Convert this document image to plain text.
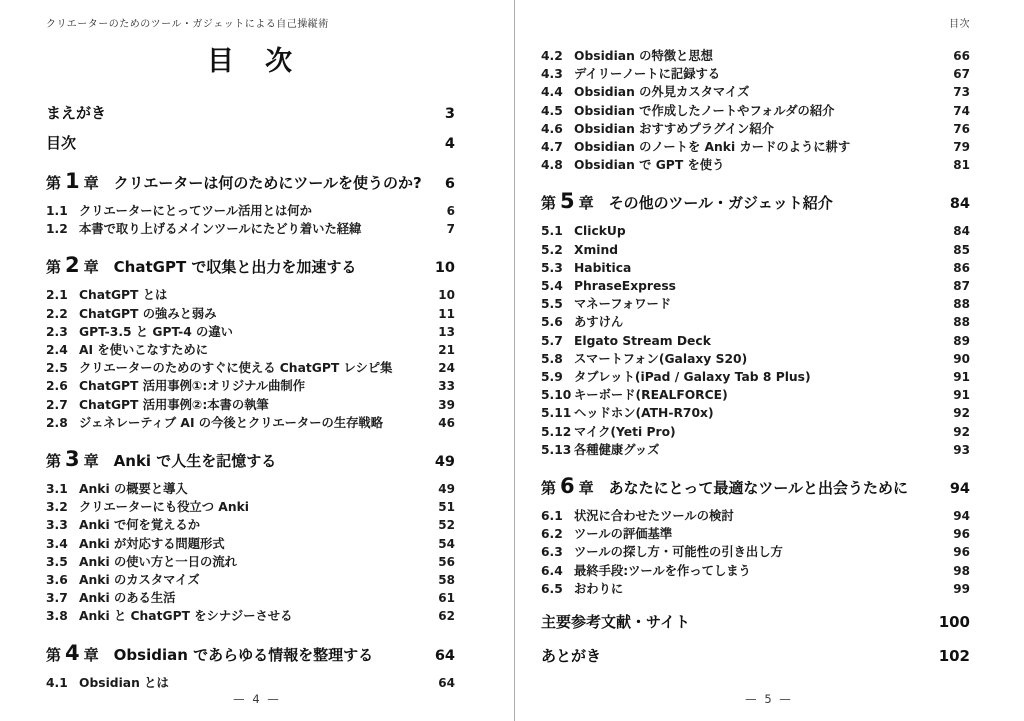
クリエーターのためのツール・ガジェットによる自己操縦術
目　次
まえがき	3
目次	4
第 1 章 クリエーターは何のためにツールを使うのか?	6
1.1 クリエーターにとってツール活用とは何か	6
1.2 本書で取り上げるメインツールにたどり着いた経緯	7
第 2 章 ChatGPT で収集と出力を加速する	10
2.1 ChatGPT とは	10
2.2 ChatGPT の強みと弱み	11
2.3 GPT-3.5 と GPT-4 の違い	13
2.4 AI を使いこなすために	21
2.5 クリエーターのためのすぐに使える ChatGPT レシピ集	24
2.6 ChatGPT 活用事例①:オリジナル曲制作	33
2.7 ChatGPT 活用事例②:本書の執筆	39
2.8 ジェネレーティブ AI の今後とクリエーターの生存戦略	46
第 3 章 Anki で人生を記憶する	49
3.1 Anki の概要と導入	49
3.2 クリエーターにも役立つ Anki	51
3.3 Anki で何を覚えるか	52
3.4 Anki が対応する問題形式	54
3.5 Anki の使い方と一日の流れ	56
3.6 Anki のカスタマイズ	58
3.7 Anki のある生活	61
3.8 Anki と ChatGPT をシナジーさせる	62
第 4 章 Obsidian であらゆる情報を整理する	64
4.1 Obsidian とは	64
— 4 —
目次
4.2 Obsidian の特徴と思想	66
4.3 デイリーノートに記録する	67
4.4 Obsidian の外見カスタマイズ	73
4.5 Obsidian で作成したノートやフォルダの紹介	74
4.6 Obsidian おすすめプラグイン紹介	76
4.7 Obsidian のノートを Anki カードのように耕す	79
4.8 Obsidian で GPT を使う	81
第 5 章 その他のツール・ガジェット紹介	84
5.1 ClickUp	84
5.2 Xmind	85
5.3 Habitica	86
5.4 PhraseExpress	87
5.5 マネーフォワード	88
5.6 あすけん	88
5.7 Elgato Stream Deck	89
5.8 スマートフォン(Galaxy S20)	90
5.9 タブレット(iPad / Galaxy Tab 8 Plus)	91
5.10 キーボード(REALFORCE)	91
5.11 ヘッドホン(ATH-R70x)	92
5.12 マイク(Yeti Pro)	92
5.13 各種健康グッズ	93
第 6 章 あなたにとって最適なツールと出会うために	94
6.1 状況に合わせたツールの検討	94
6.2 ツールの評価基準	96
6.3 ツールの探し方・可能性の引き出し方	96
6.4 最終手段:ツールを作ってしまう	98
6.5 おわりに	99
主要参考文献・サイト	100
あとがき	102
— 5 —
